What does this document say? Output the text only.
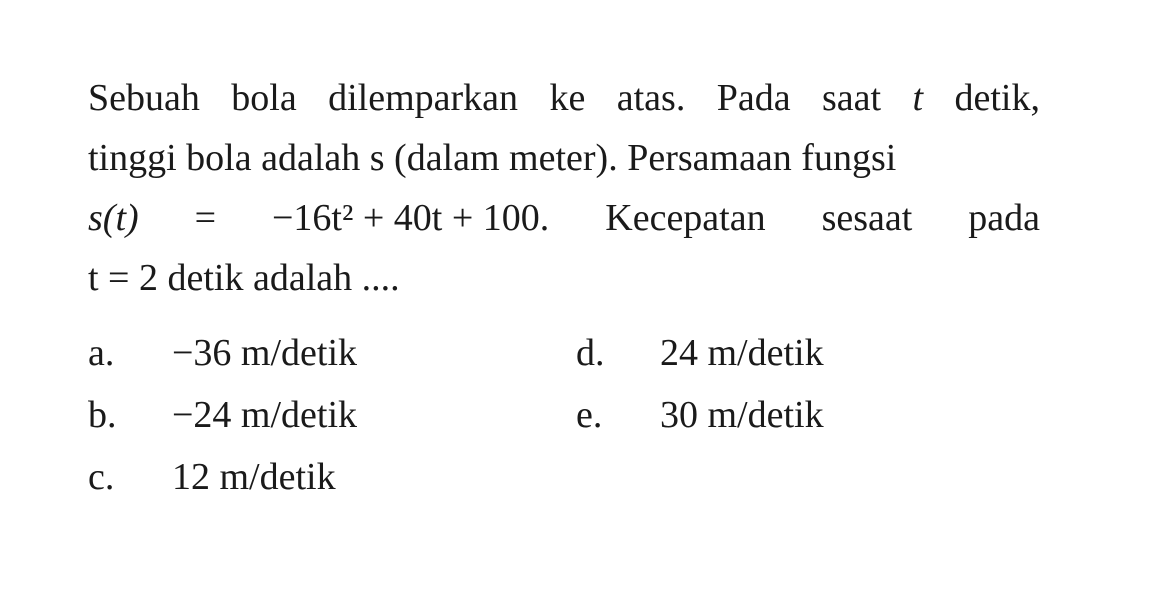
Sebuah bola dilemparkan ke atas. Pada saat t detik,
tinggi bola adalah s (dalam meter). Persamaan fungsi
s(t) = −16t² + 40t + 100. Kecepatan sesaat pada
t = 2 detik adalah ....
a. −36 m/detik
b. −24 m/detik
c. 12 m/detik
d. 24 m/detik
e. 30 m/detik
